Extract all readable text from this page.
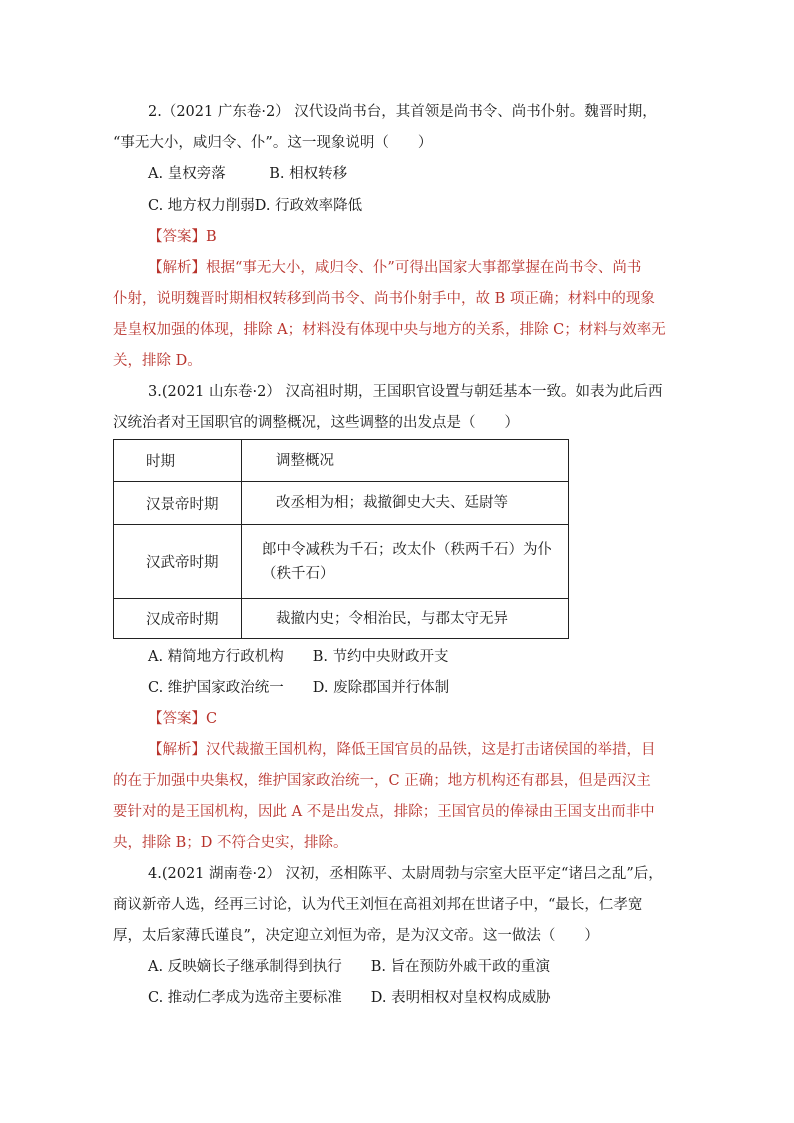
2.（2021 广东卷·2） 汉代设尚书台，其首领是尚书令、尚书仆射。魏晋时期，
“事无大小，咸归令、仆”。这一现象说明（　　）
A. 皇权旁落　　　B. 相权转移
C. 地方权力削弱D. 行政效率降低
【答案】B
【解析】根据“事无大小，咸归令、仆”可得出国家大事都掌握在尚书令、尚书
仆射，说明魏晋时期相权转移到尚书令、尚书仆射手中，故 B 项正确；材料中的现象
是皇权加强的体现，排除 A；材料没有体现中央与地方的关系，排除 C；材料与效率无
关，排除 D。
3.(2021 山东卷·2） 汉高祖时期，王国职官设置与朝廷基本一致。如表为此后西
汉统治者对王国职官的调整概况，这些调整的出发点是（　　）
时期	调整概况
汉景帝时期	改丞相为相；裁撤御史大夫、廷尉等
汉武帝时期	郎中令减秩为千石；改太仆（秩两千石）为仆（秩千石）
汉成帝时期	裁撤内史；令相治民，与郡太守无异
A. 精简地方行政机构　　B. 节约中央财政开支
C. 维护国家政治统一　　D. 废除郡国并行体制
【答案】C
【解析】汉代裁撤王国机构，降低王国官员的品铁，这是打击诸侯国的举措，目
的在于加强中央集权，维护国家政治统一，C 正确；地方机构还有郡县，但是西汉主
要针对的是王国机构，因此 A 不是出发点，排除；王国官员的俸禄由王国支出而非中
央，排除 B；D 不符合史实，排除。
4.(2021 湖南卷·2） 汉初，丞相陈平、太尉周勃与宗室大臣平定“诸吕之乱”后，
商议新帝人选，经再三讨论，认为代王刘恒在高祖刘邦在世诸子中，“最长，仁孝宽
厚，太后家薄氏谨良”，决定迎立刘恒为帝，是为汉文帝。这一做法（　　）
A. 反映嫡长子继承制得到执行　　B. 旨在预防外戚干政的重演
C. 推动仁孝成为选帝主要标准　　D. 表明相权对皇权构成威胁
